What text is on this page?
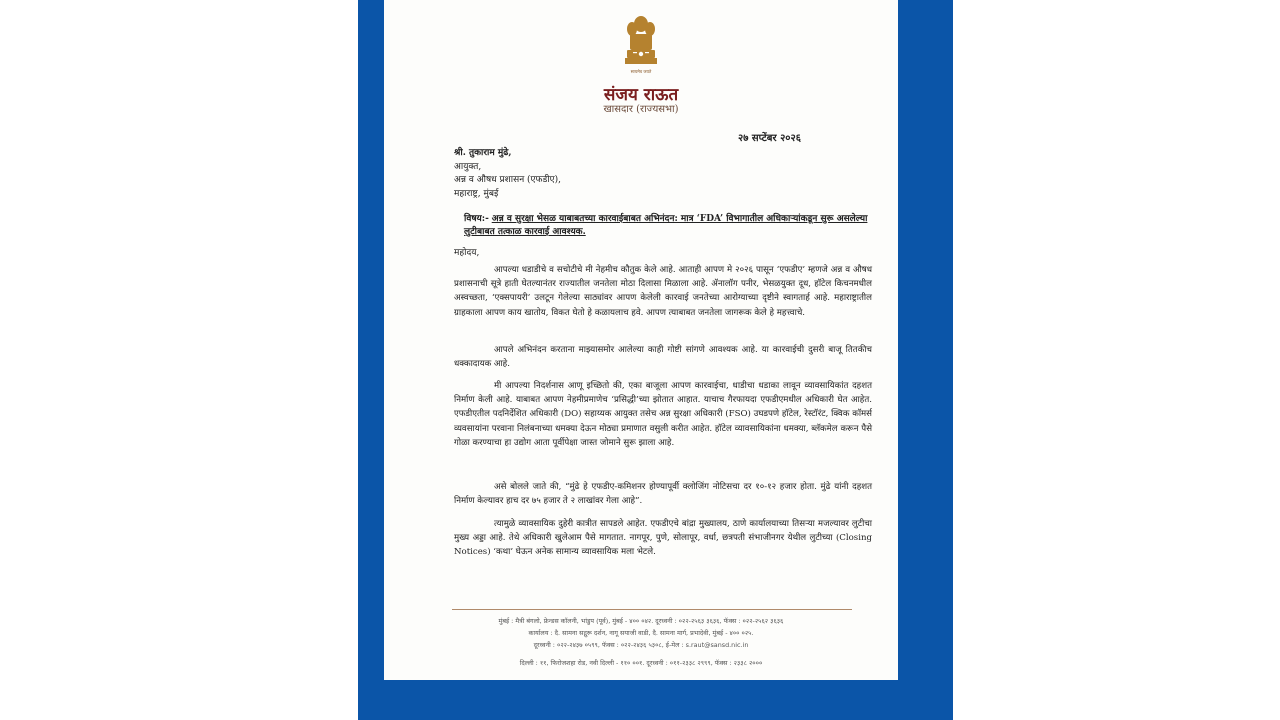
सत्यमेव जयते
संजय राऊत
खासदार (राज्यसभा)
२७ सप्टेंबर २०२६
श्री. तुकाराम मुंढे,
आयुक्त,
अन्न व औषध प्रशासन (एफडीए),
महाराष्ट्र, मुंबई
विषय:- अन्न व सुरक्षा भेसळ याबाबतच्या कारवाईबाबत अभिनंदन: मात्र ‘FDA’ विभागातील अधिकाऱ्यांकडून सुरू असलेल्या लुटीबाबत तत्काळ कारवाई आवश्यक.
महोदय,
आपल्या धडाडीचे व सचोटीचे मी नेहमीच कौतुक केले आहे. आताही आपण मे २०२६ पासून ‘एफडीए’ म्हणजे अन्न व औषध प्रशासनाची सूत्रे हाती घेतल्यानंतर राज्यातील जनतेला मोठा दिलासा मिळाला आहे. ॲनालॉग पनीर, भेसळयुक्त दूध, हॉटेल किचनमधील अस्वच्छता, ‘एक्सपायरी’ उलटून गेलेल्या साठ्यांवर आपण केलेली कारवाई जनतेच्या आरोग्याच्या दृष्टीने स्वागतार्ह आहे. महाराष्ट्रातील ग्राहकाला आपण काय खातोय, विकत घेतो हे कळायलाच हवे. आपण त्याबाबत जनतेला जागरूक केले हे महत्त्वाचे.
आपले अभिनंदन करताना माझ्यासमोर आलेल्या काही गोष्टी सांगणे आवश्यक आहे. या कारवाईची दुसरी बाजू तितकीच धक्कादायक आहे.
मी आपल्या निदर्शनास आणू इच्छितो की, एका बाजूला आपण कारवाईचा, धाडीचा धडाका लावून व्यावसायिकांत दहशत निर्माण केली आहे. याबाबत आपण नेहमीप्रमाणेच ‘प्रसिद्धी’च्या झोतात आहात. याचाच गैरफायदा एफडीएमधील अधिकारी घेत आहेत. एफडीएतील पदनिर्देशित अधिकारी (DO) सहाय्यक आयुक्त तसेच अन्न सुरक्षा अधिकारी (FSO) उघडपणे हॉटेल, रेस्टॉरंट, क्विक कॉमर्स व्यवसायांना परवाना निलंबनाच्या धमक्या देऊन मोठ्या प्रमाणात वसुली करीत आहेत. हॉटेल व्यावसायिकांना धमक्या, ब्लॅकमेल करून पैसे गोळा करण्याचा हा उद्योग आता पूर्वीपेक्षा जास्त जोमाने सुरू झाला आहे.
असे बोलले जाते की, “मुंढे हे एफडीए-कमिशनर होण्यापूर्वी क्लोजिंग नोटिसचा दर १०-१२ हजार होता. मुंढे यांनी दहशत निर्माण केल्यावर हाच दर ७५ हजार ते २ लाखांवर गेला आहे”.
त्यामुळे व्यावसायिक दुहेरी कात्रीत सापडले आहेत. एफडीएचे बांद्रा मुख्यालय, ठाणे कार्यालयाच्या तिसऱ्या मजल्यावर लुटीचा मुख्य अड्डा आहे. तेथे अधिकारी खुलेआम पैसे मागतात. नागपूर, पुणे, सोलापूर, वर्धा, छत्रपती संभाजीनगर येथील लुटीच्या (Closing Notices) ‘कथा’ घेऊन अनेक सामान्य व्यावसायिक मला भेटले.
मुंबई : मैत्री बंगलो, फ्रेन्डस कॉलनी, भांडुप (पूर्व), मुंबई - ४०० ०४२. दूरध्वनी : ०२२-२५६३ ३६३६, फॅक्स : ०२२-२५६२ ३६३६
कार्यालय : दै. सामना सद्गुरू दर्शन, नागू सयाजी वाडी, दै. सामना मार्ग, प्रभादेवी, मुंबई - ४०० ०२५.
दूरध्वनी : ०२२-२४३७ ०५९९, फॅक्स : ०२२-२४३६ ५३०८, ई-मेल : s.raut@sansd.nic.in
दिल्ली : ११, फिरोजशहा रोड, नवी दिल्ली - ११० ००१. दूरध्वनी : ०११-२३३८ २९९९, फॅक्स : २३३८ २०००
